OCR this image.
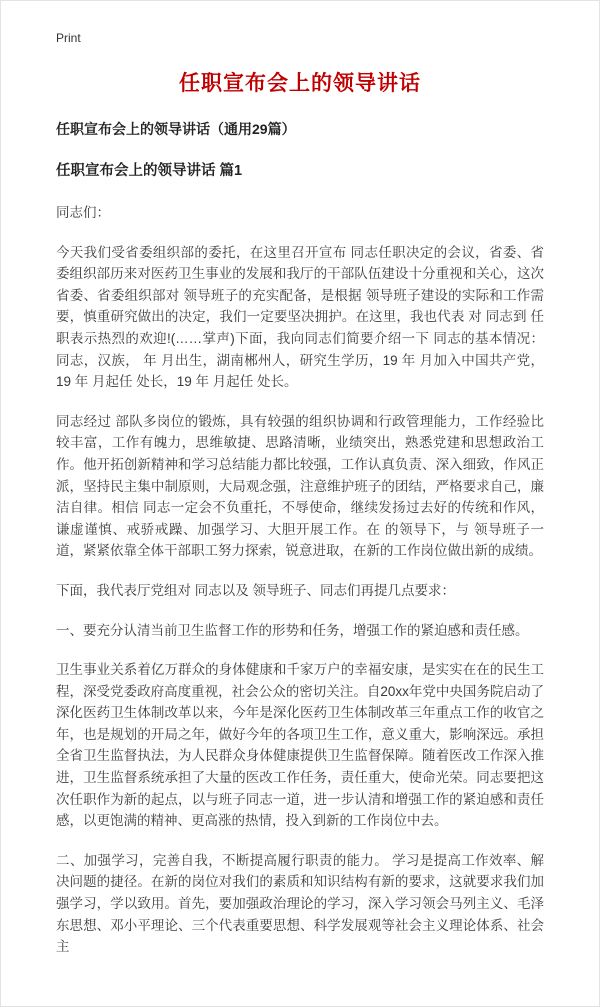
Print
任职宣布会上的领导讲话
任职宣布会上的领导讲话（通用29篇）
任职宣布会上的领导讲话 篇1

同志们：

今天我们受省委组织部的委托，在这里召开宣布 同志任职决定的会议，省委、省委组织部历来对医药卫生事业的发展和我厅的干部队伍建设十分重视和关心，这次省委、省委组织部对 领导班子的充实配备，是根据 领导班子建设的实际和工作需要，慎重研究做出的决定，我们一定要坚决拥护。在这里，我也代表 对 同志到 任职表示热烈的欢迎!(……掌声)下面，我向同志们简要介绍一下 同志的基本情况： 同志，汉族， 年 月出生，湖南郴州人，研究生学历，19 年 月加入中国共产党，19 年 月起任 处长，19 年 月起任 处长。

同志经过 部队多岗位的锻炼，具有较强的组织协调和行政管理能力，工作经验比较丰富，工作有魄力，思维敏捷、思路清晰，业绩突出，熟悉党建和思想政治工作。他开拓创新精神和学习总结能力都比较强，工作认真负责、深入细致，作风正派，坚持民主集中制原则，大局观念强，注意维护班子的团结，严格要求自己，廉洁自律。相信 同志一定会不负重托，不辱使命，继续发扬过去好的传统和作风，谦虚谨慎、戒骄戒躁、加强学习、大胆开展工作。在 的领导下，与 领导班子一道，紧紧依靠全体干部职工努力探索，锐意进取，在新的工作岗位做出新的成绩。

下面，我代表厅党组对 同志以及 领导班子、同志们再提几点要求：

一、要充分认清当前卫生监督工作的形势和任务，增强工作的紧迫感和责任感。

卫生事业关系着亿万群众的身体健康和千家万户的幸福安康，是实实在在的民生工程，深受党委政府高度重视，社会公众的密切关注。自20xx年党中央国务院启动了深化医药卫生体制改革以来，今年是深化医药卫生体制改革三年重点工作的收官之年，也是规划的开局之年，做好今年的各项卫生工作，意义重大，影响深远。承担全省卫生监督执法，为人民群众身体健康提供卫生监督保障。随着医改工作深入推进，卫生监督系统承担了大量的医改工作任务，责任重大，使命光荣。同志要把这次任职作为新的起点，以与班子同志一道，进一步认清和增强工作的紧迫感和责任感，以更饱满的精神、更高涨的热情，投入到新的工作岗位中去。

二、加强学习，完善自我，不断提高履行职责的能力。 学习是提高工作效率、解决问题的捷径。在新的岗位对我们的素质和知识结构有新的要求，这就要求我们加强学习，学以致用。首先，要加强政治理论的学习，深入学习领会马列主义、毛泽东思想、邓小平理论、三个代表重要思想、科学发展观等社会主义理论体系、社会主
